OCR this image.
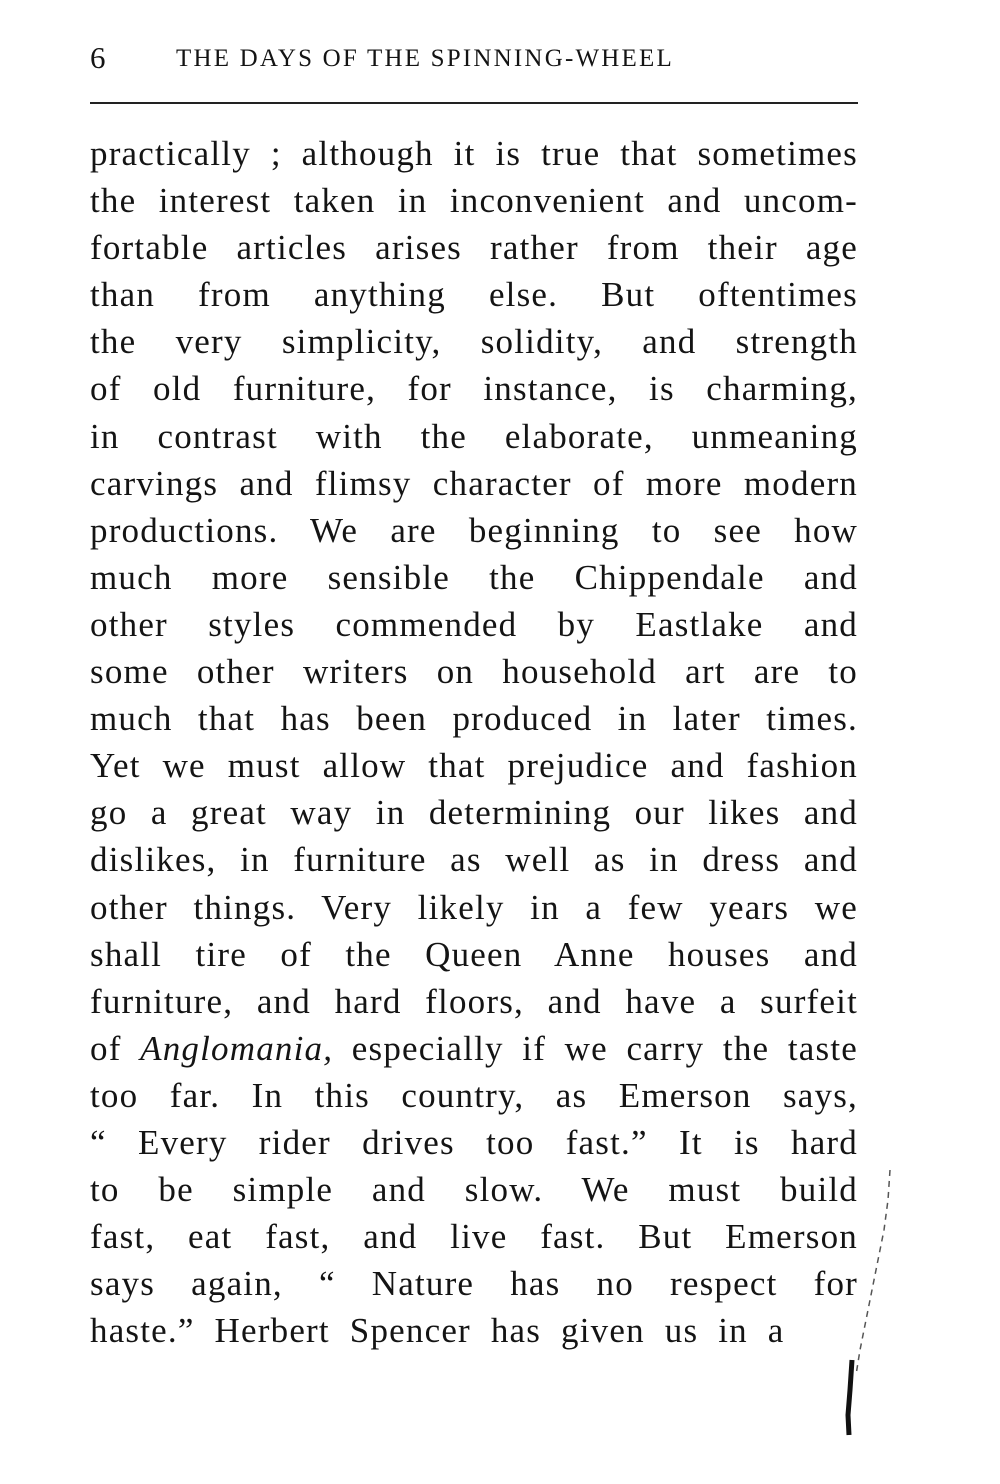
6	THE DAYS OF THE SPINNING-WHEEL
practically ; although it is true that sometimes
the interest taken in inconvenient and uncom-
fortable articles arises rather from their age
than from anything else. But oftentimes
the very simplicity, solidity, and strength
of old furniture, for instance, is charming,
in contrast with the elaborate, unmeaning
carvings and flimsy character of more modern
productions. We are beginning to see how
much more sensible the Chippendale and
other styles commended by Eastlake and
some other writers on household art are to
much that has been produced in later times.
Yet we must allow that prejudice and fashion
go a great way in determining our likes and
dislikes, in furniture as well as in dress and
other things. Very likely in a few years we
shall tire of the Queen Anne houses and
furniture, and hard floors, and have a surfeit
of Anglomania, especially if we carry the taste
too far. In this country, as Emerson says,
“ Every rider drives too fast.” It is hard
to be simple and slow. We must build
fast, eat fast, and live fast. But Emerson
says again, “ Nature has no respect for
haste.” Herbert Spencer has given us in a
